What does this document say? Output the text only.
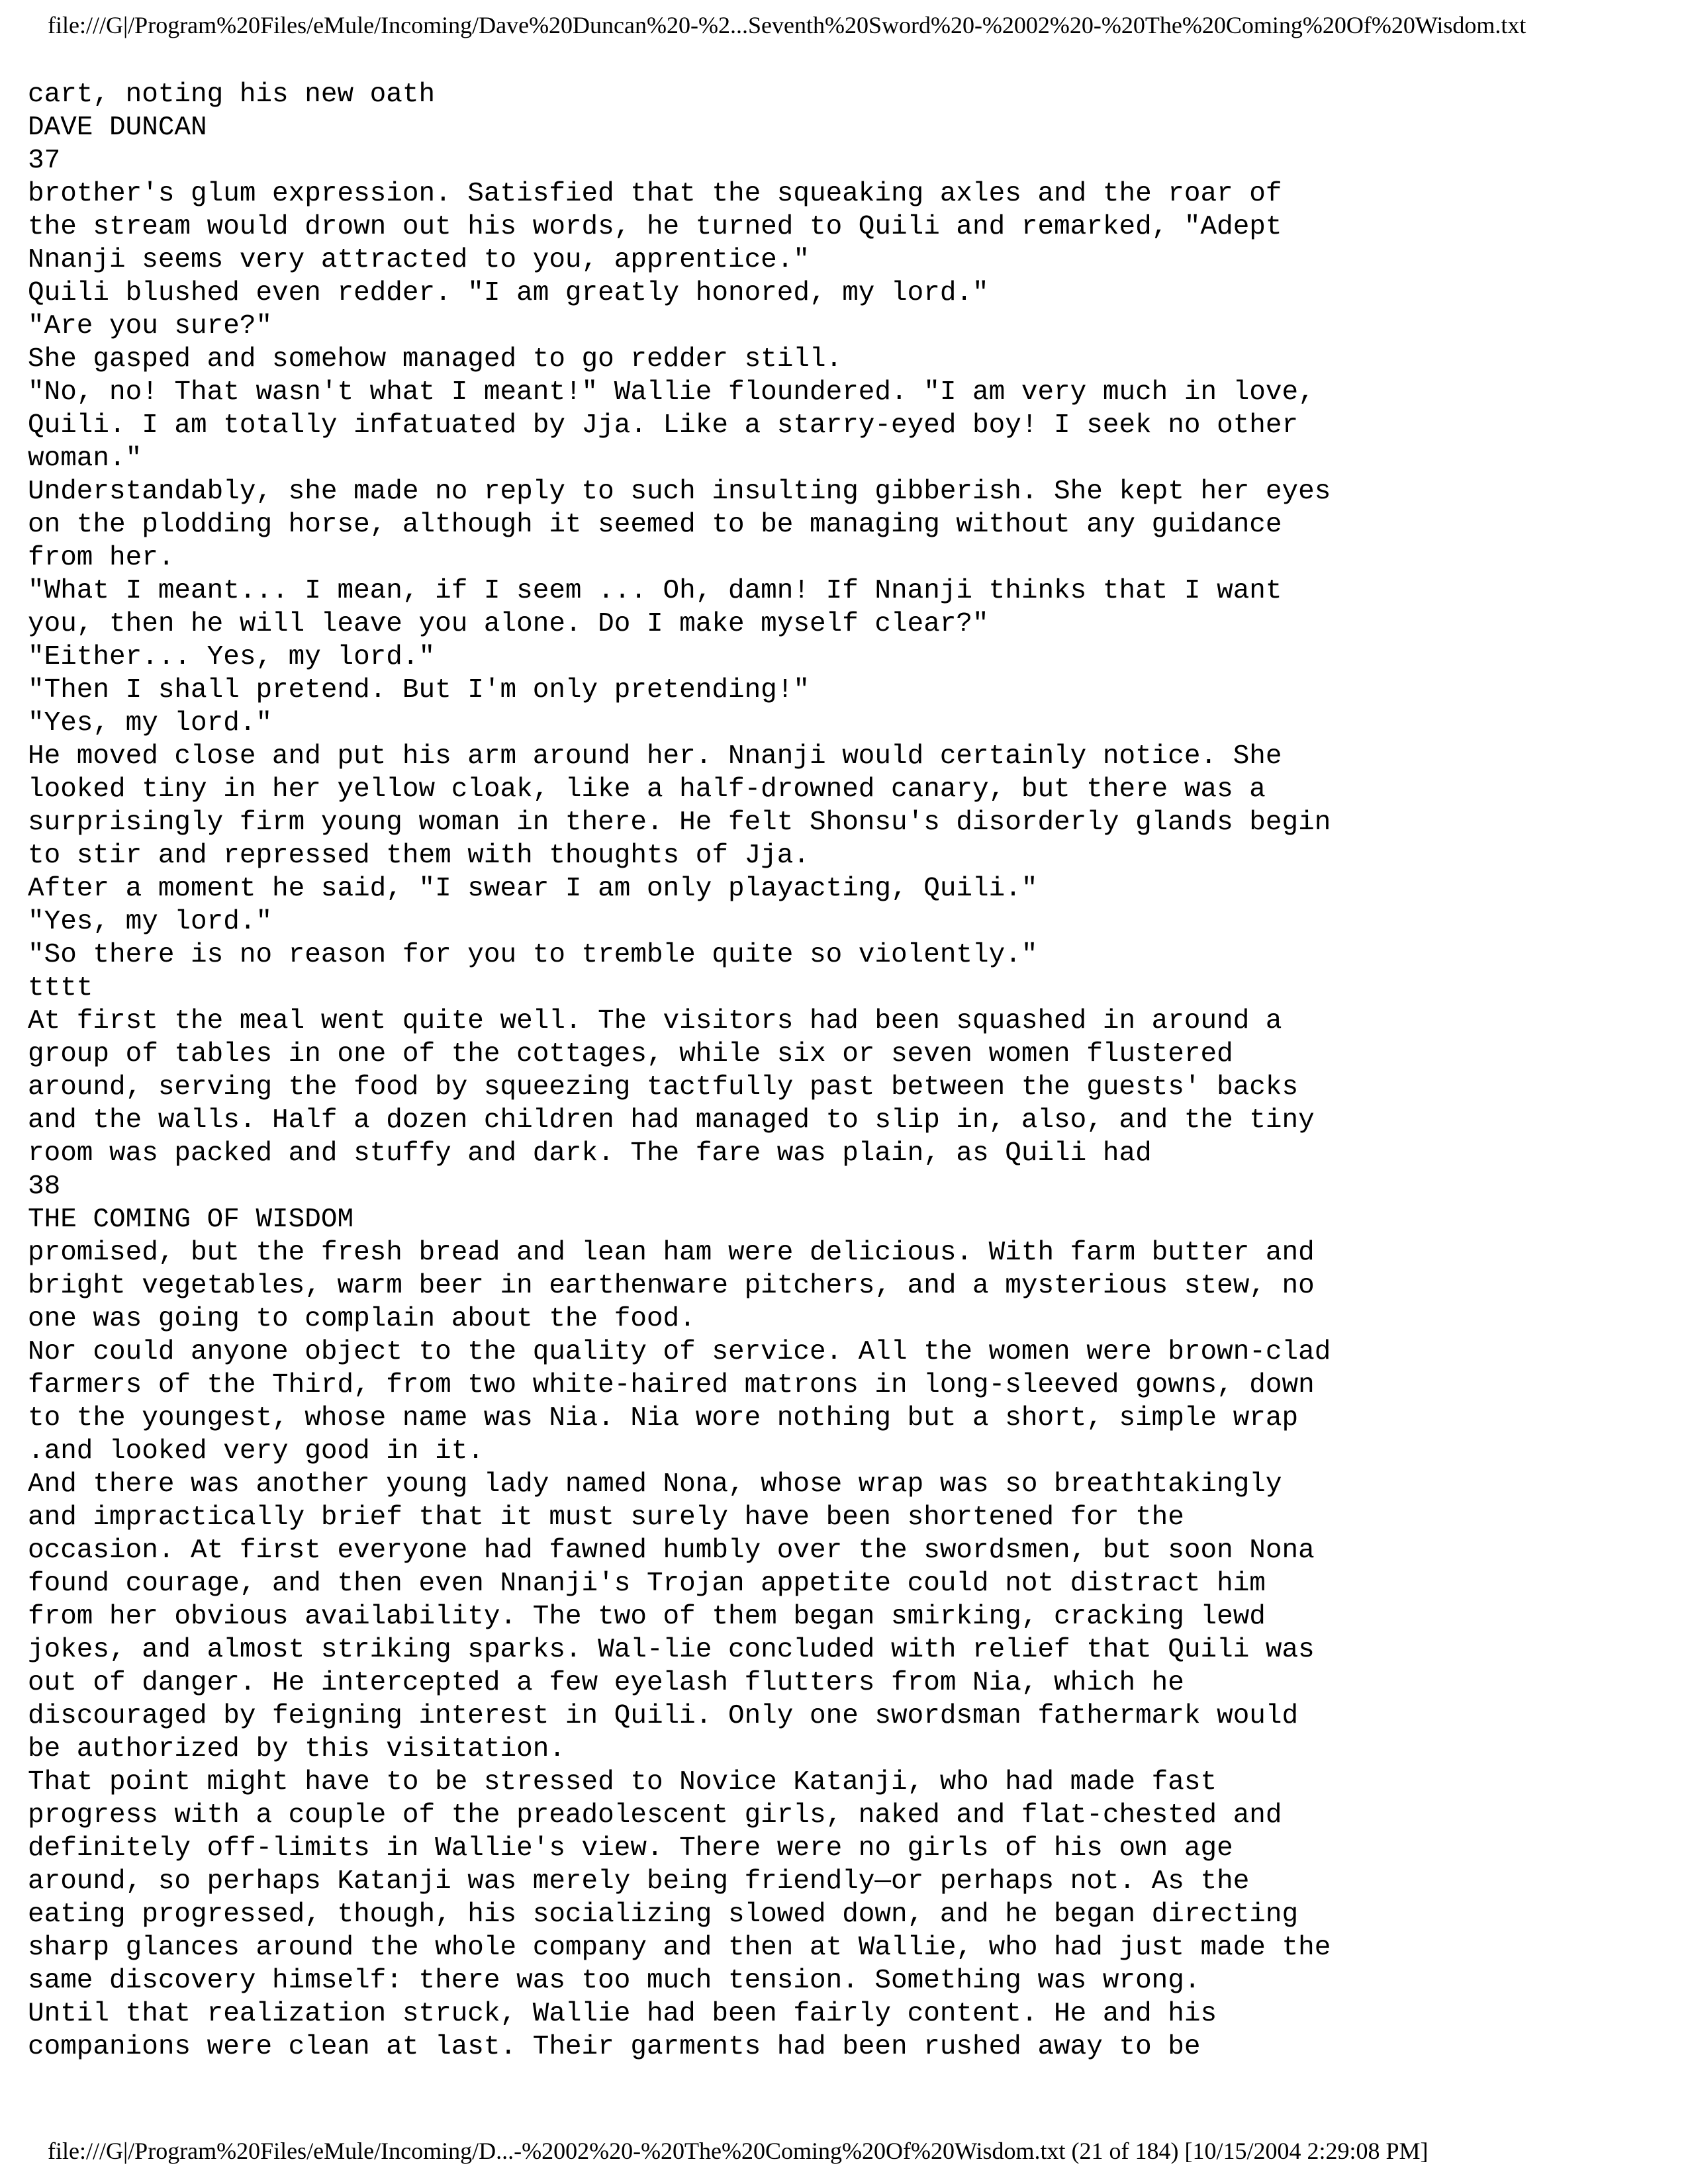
file:///G|/Program%20Files/eMule/Incoming/Dave%20Duncan%20-%2...Seventh%20Sword%20-%2002%20-%20The%20Coming%20Of%20Wisdom.txt
cart, noting his new oath
DAVE DUNCAN
37
brother's glum expression. Satisfied that the squeaking axles and the roar of
the stream would drown out his words, he turned to Quili and remarked, "Adept
Nnanji seems very attracted to you, apprentice."
Quili blushed even redder. "I am greatly honored, my lord."
"Are you sure?"
She gasped and somehow managed to go redder still.
"No, no! That wasn't what I meant!" Wallie floundered. "I am very much in love,
Quili. I am totally infatuated by Jja. Like a starry-eyed boy! I seek no other
woman."
Understandably, she made no reply to such insulting gibberish. She kept her eyes
on the plodding horse, although it seemed to be managing without any guidance
from her.
"What I meant... I mean, if I seem ... Oh, damn! If Nnanji thinks that I want
you, then he will leave you alone. Do I make myself clear?"
"Either... Yes, my lord."
"Then I shall pretend. But I'm only pretending!"
"Yes, my lord."
He moved close and put his arm around her. Nnanji would certainly notice. She
looked tiny in her yellow cloak, like a half-drowned canary, but there was a
surprisingly firm young woman in there. He felt Shonsu's disorderly glands begin
to stir and repressed them with thoughts of Jja.
After a moment he said, "I swear I am only playacting, Quili."
"Yes, my lord."
"So there is no reason for you to tremble quite so violently."
tttt
At first the meal went quite well. The visitors had been squashed in around a
group of tables in one of the cottages, while six or seven women flustered
around, serving the food by squeezing tactfully past between the guests' backs
and the walls. Half a dozen children had managed to slip in, also, and the tiny
room was packed and stuffy and dark. The fare was plain, as Quili had
38
THE COMING OF WISDOM
promised, but the fresh bread and lean ham were delicious. With farm butter and
bright vegetables, warm beer in earthenware pitchers, and a mysterious stew, no
one was going to complain about the food.
Nor could anyone object to the quality of service. All the women were brown-clad
farmers of the Third, from two white-haired matrons in long-sleeved gowns, down
to the youngest, whose name was Nia. Nia wore nothing but a short, simple wrap
.and looked very good in it.
And there was another young lady named Nona, whose wrap was so breathtakingly
and impractically brief that it must surely have been shortened for the
occasion. At first everyone had fawned humbly over the swordsmen, but soon Nona
found courage, and then even Nnanji's Trojan appetite could not distract him
from her obvious availability. The two of them began smirking, cracking lewd
jokes, and almost striking sparks. Wal-lie concluded with relief that Quili was
out of danger. He intercepted a few eyelash flutters from Nia, which he
discouraged by feigning interest in Quili. Only one swordsman fathermark would
be authorized by this visitation.
That point might have to be stressed to Novice Katanji, who had made fast
progress with a couple of the preadolescent girls, naked and flat-chested and
definitely off-limits in Wallie's view. There were no girls of his own age
around, so perhaps Katanji was merely being friendly—or perhaps not. As the
eating progressed, though, his socializing slowed down, and he began directing
sharp glances around the whole company and then at Wallie, who had just made the
same discovery himself: there was too much tension. Something was wrong.
Until that realization struck, Wallie had been fairly content. He and his
companions were clean at last. Their garments had been rushed away to be
file:///G|/Program%20Files/eMule/Incoming/D...-%2002%20-%20The%20Coming%20Of%20Wisdom.txt (21 of 184) [10/15/2004 2:29:08 PM]
